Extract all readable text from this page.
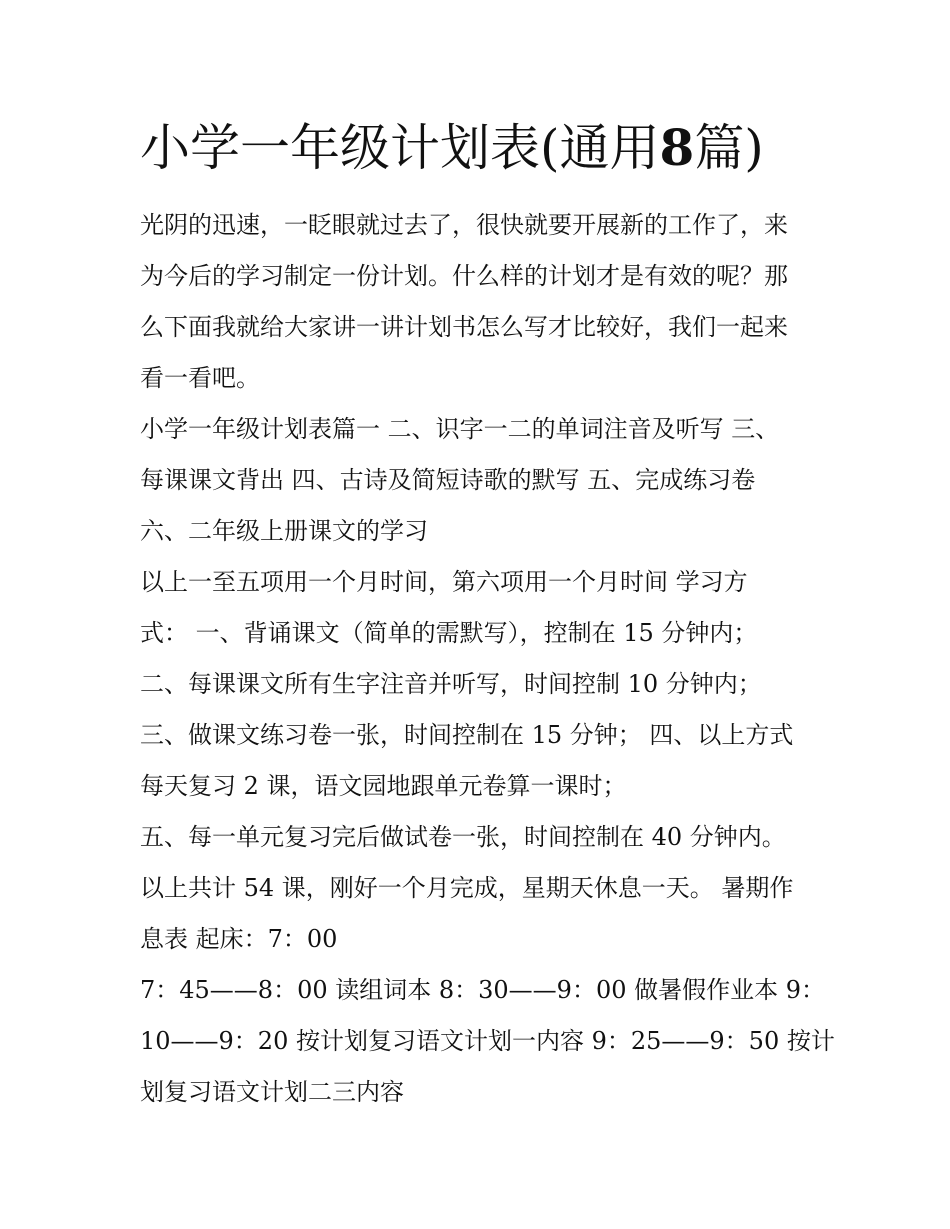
小学一年级计划表(通用8篇)

光阴的迅速，一眨眼就过去了，很快就要开展新的工作了，来

为今后的学习制定一份计划。什么样的计划才是有效的呢？那

么下面我就给大家讲一讲计划书怎么写才比较好，我们一起来

看一看吧。

小学一年级计划表篇一 二、识字一二的单词注音及听写 三、

每课课文背出 四、古诗及简短诗歌的默写 五、完成练习卷

六、二年级上册课文的学习

以上一至五项用一个月时间，第六项用一个月时间 学习方

式： 一、背诵课文（简单的需默写），控制在 15 分钟内；

二、每课课文所有生字注音并听写，时间控制 10 分钟内；

三、做课文练习卷一张，时间控制在 15 分钟； 四、以上方式

每天复习 2 课，语文园地跟单元卷算一课时；

五、每一单元复习完后做试卷一张，时间控制在 40 分钟内。

以上共计 54 课，刚好一个月完成，星期天休息一天。 暑期作

息表 起床：7：00

7：45——8：00 读组词本 8：30——9：00 做暑假作业本 9：

10——9：20 按计划复习语文计划一内容 9：25——9：50 按计

划复习语文计划二三内容
